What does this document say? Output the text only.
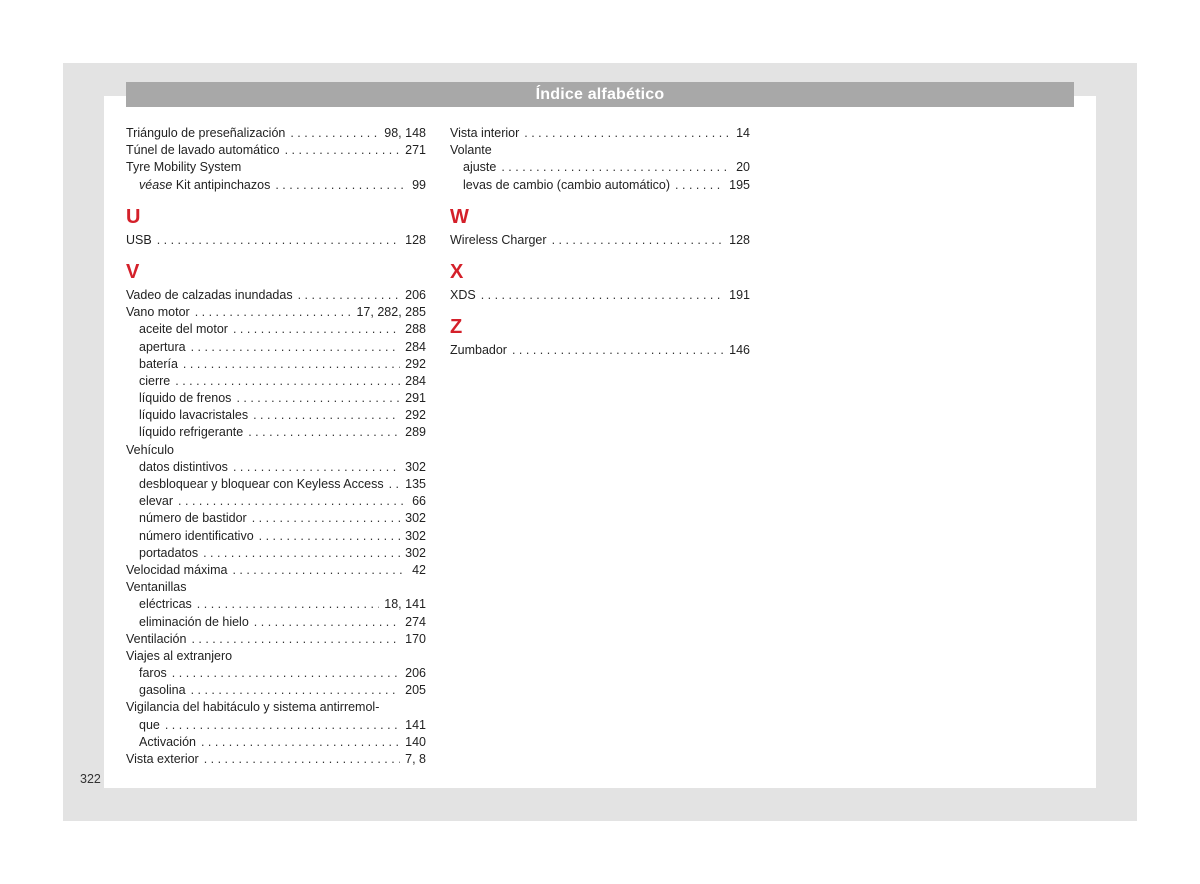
Índice alfabético
Triángulo de preseñalización . . .	98, 148
Túnel de lavado automático . . .	271
Tyre Mobility System
véase Kit antipinchazos . . .	99
U
USB . . .	128
V
Vadeo de calzadas inundadas . . .	206
Vano motor . . .	17, 282, 285
aceite del motor . . .	288
apertura . . .	284
batería . . .	292
cierre . . .	284
líquido de frenos . . .	291
líquido lavacristales . . .	292
líquido refrigerante . . .	289
Vehículo
datos distintivos . . .	302
desbloquear y bloquear con Keyless Access . . . 135
elevar . . .	66
número de bastidor . . .	302
número identificativo . . .	302
portadatos . . .	302
Velocidad máxima . . .	42
Ventanillas
eléctricas . . .	18, 141
eliminación de hielo . . .	274
Ventilación . . .	170
Viajes al extranjero
faros . . .	206
gasolina . . .	205
Vigilancia del habitáculo y sistema antirremol-
que . . .	141
Activación . . .	140
Vista exterior . . .	7, 8
Vista interior . . .	14
Volante
ajuste . . .	20
levas de cambio (cambio automático) . . .	195
W
Wireless Charger . . .	128
X
XDS . . .	191
Z
Zumbador . . .	146
322
